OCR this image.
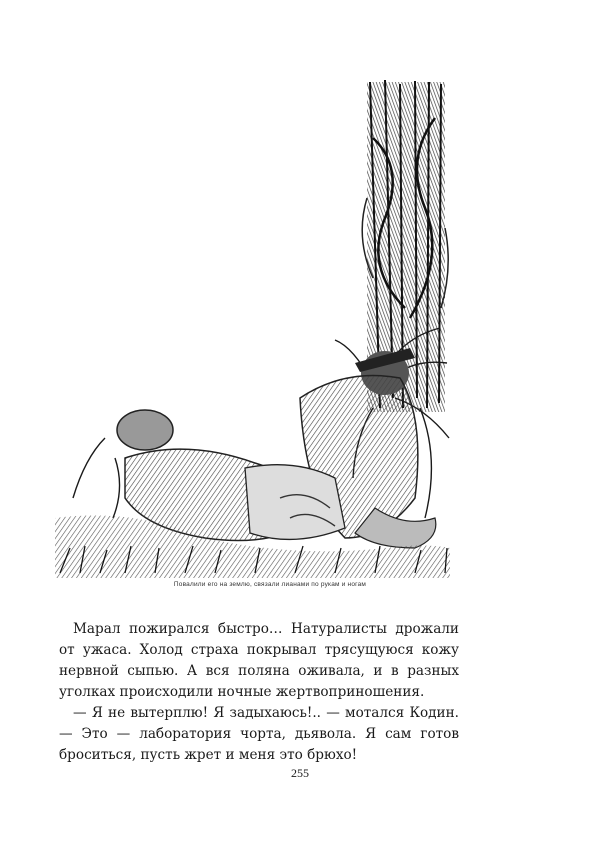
Повалили его на землю, связали лианами по рукам и ногам

Марал пожирался быстро… Натуралисты дрожали от ужаса. Холод страха покрывал трясущуюся кожу нервной сыпью. А вся поляна оживала, и в разных уголках происходили ночные жертвоприношения.

— Я не вытерплю! Я задыхаюсь!.. — мотался Кодин. — Это — лаборатория чорта, дьявола. Я сам готов броситься, пусть жрет и меня это брюхо!

255
